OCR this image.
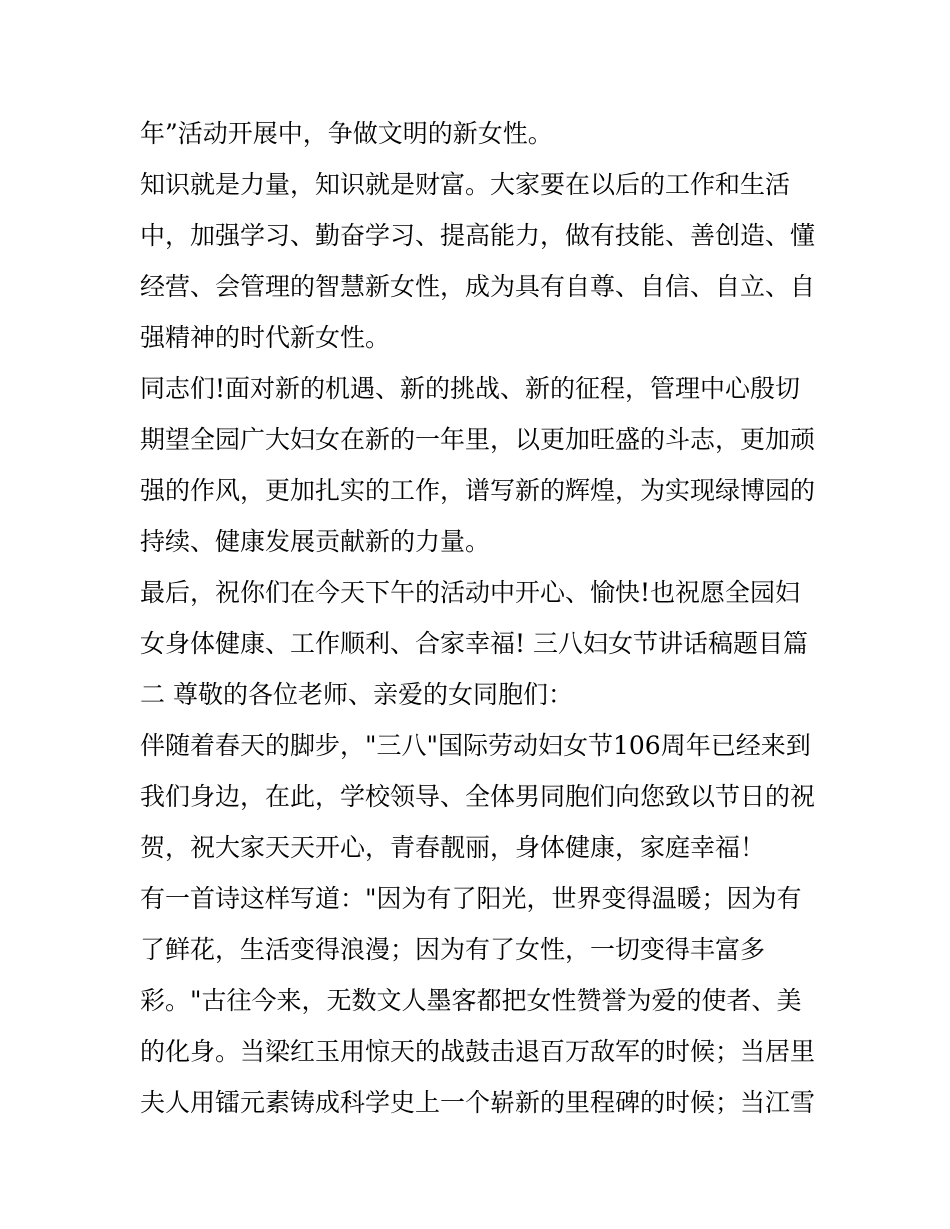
年”活动开展中，争做文明的新女性。

知识就是力量，知识就是财富。大家要在以后的工作和生活

中，加强学习、勤奋学习、提高能力，做有技能、善创造、懂

经营、会管理的智慧新女性，成为具有自尊、自信、自立、自

强精神的时代新女性。

同志们!面对新的机遇、新的挑战、新的征程，管理中心殷切

期望全园广大妇女在新的一年里，以更加旺盛的斗志，更加顽

强的作风，更加扎实的工作，谱写新的辉煌，为实现绿博园的

持续、健康发展贡献新的力量。

最后，祝你们在今天下午的活动中开心、愉快!也祝愿全园妇

女身体健康、工作顺利、合家幸福! 三八妇女节讲话稿题目篇

二 尊敬的各位老师、亲爱的女同胞们：

伴随着春天的脚步，"三八"国际劳动妇女节106周年已经来到

我们身边，在此，学校领导、全体男同胞们向您致以节日的祝

贺，祝大家天天开心，青春靓丽，身体健康，家庭幸福！

有一首诗这样写道："因为有了阳光，世界变得温暖；因为有

了鲜花，生活变得浪漫；因为有了女性，一切变得丰富多

彩。"古往今来，无数文人墨客都把女性赞誉为爱的使者、美

的化身。当梁红玉用惊天的战鼓击退百万敌军的时候；当居里

夫人用镭元素铸成科学史上一个崭新的里程碑的时候；当江雪
